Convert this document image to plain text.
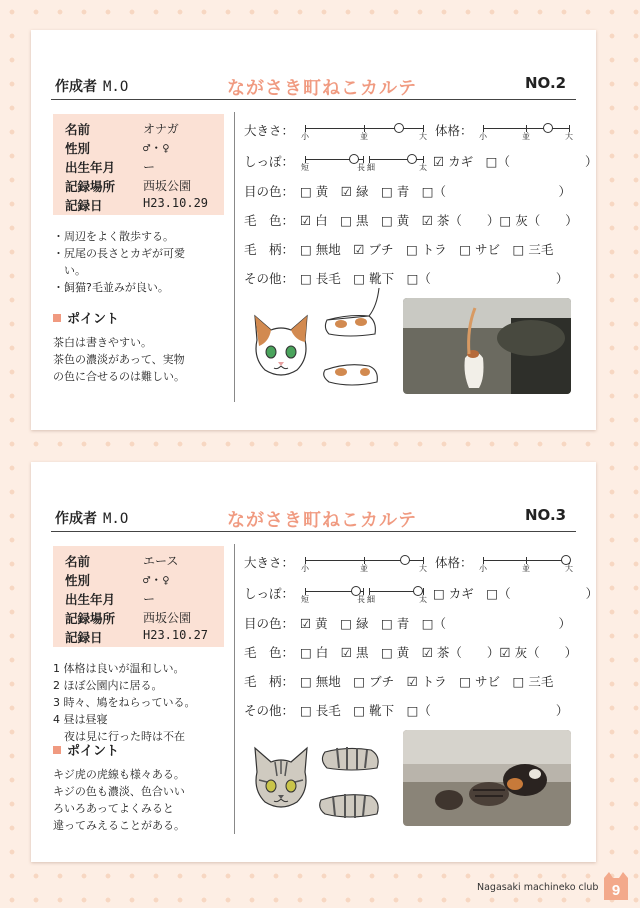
作成者 M.O	ながさき町ねこカルテ	NO.2
名前	オナガ
性別	♂・♀
出生年月 ー
記録場所 西坂公園
記録日	H23.10.29
・周辺をよく散歩する。
・尻尾の長さとカギが可愛
　い。
・飼猫?毛並みが良い。
ポイント
茶白は書きやすい。
茶色の濃淡があって、実物
の色に合せるのは難しい。
大きさ： 小	並	大 体格： 小	並	大
しっぽ： 短	長 細	太 ☑ カギ　□（　　　　　　）
目の色： □ 黄　☑ 緑　□ 青　□（　　　　　　　　　）
毛　色： ☑ 白　□ 黒　□ 黄　☑ 茶（　　）□ 灰（　　）
毛　柄： □ 無地　☑ ブチ　□ トラ　□ サビ　□ 三毛
その他： □ 長毛　□ 靴下　□（　　　　　　　　　　）
作成者 M.O	ながさき町ねこカルテ	NO.3
名前	エース
性別	♂・♀
出生年月 ー
記録場所 西坂公園
記録日	H23.10.27
1 体格は良いが温和しい。
2 ほぼ公園内に居る。
3 時々、鳩をねらっている。
4 昼は昼寝
　夜は見に行った時は不在
ポイント
キジ虎の虎線も様々ある。
キジの色も濃淡、色合いい
ろいろあってよくみると
違ってみえることがある。
大きさ： 小	並	大 体格： 小	並	大
しっぽ： 短	長 細	太 □ カギ　□（　　　　　　）
目の色： ☑ 黄　□ 緑　□ 青　□（　　　　　　　　　）
毛　色： □ 白　☑ 黒　□ 黄　☑ 茶（　　）☑ 灰（　　）
毛　柄： □ 無地　□ ブチ　☑ トラ　□ サビ　□ 三毛
その他： □ 長毛　□ 靴下　□（　　　　　　　　　　）
Nagasaki machineko club 9
